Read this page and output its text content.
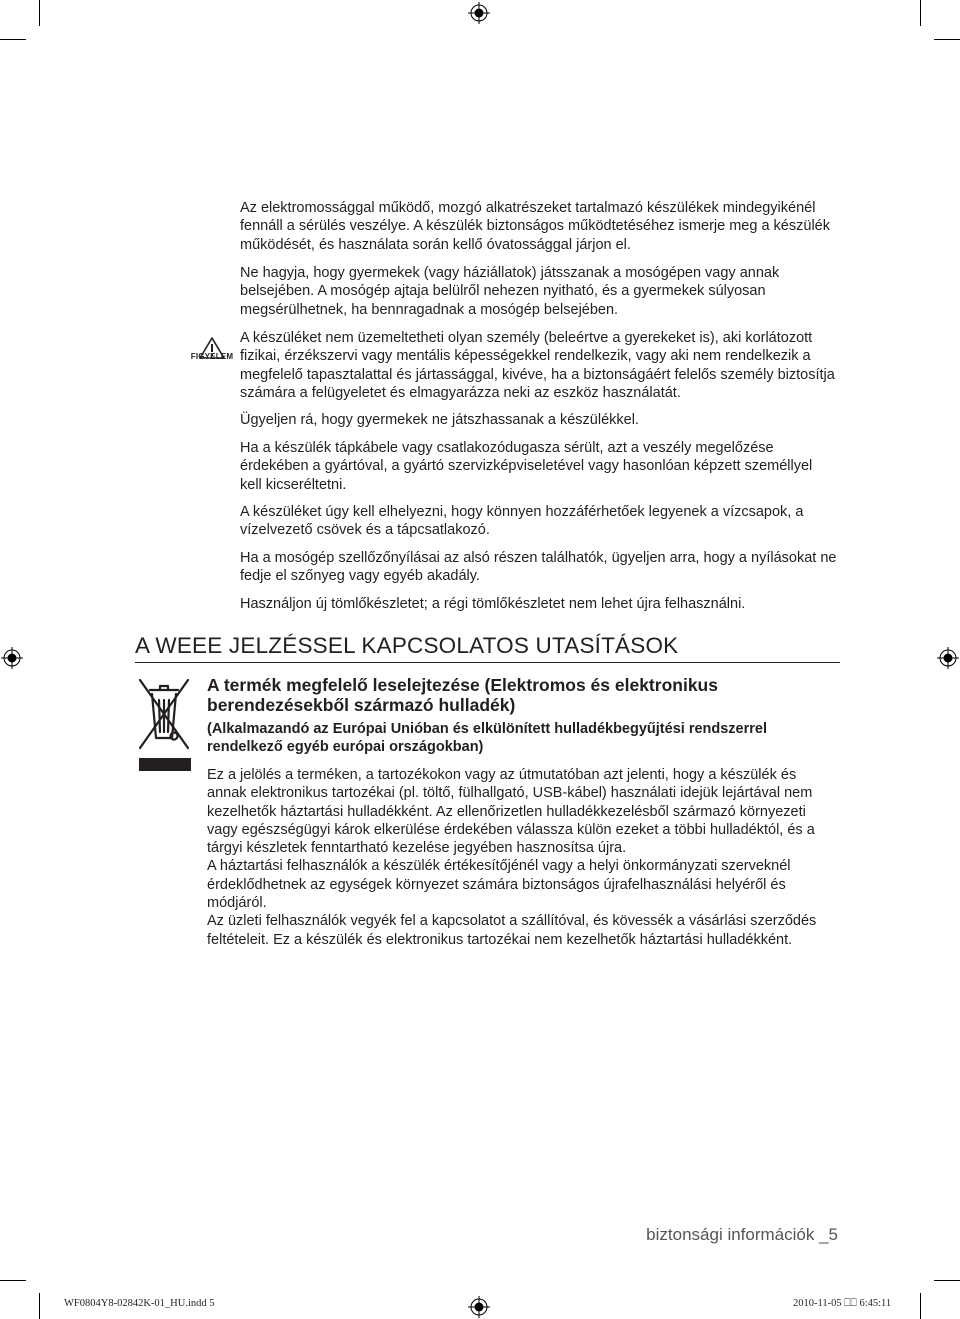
Az elektromossággal működő, mozgó alkatrészeket tartalmazó készülékek mindegyikénél
fennáll a sérülés veszélye. A készülék biztonságos működtetéséhez ismerje meg a készülék
működését, és használata során kellő óvatossággal járjon el.

Ne hagyja, hogy gyermekek (vagy háziállatok) játsszanak a mosógépen vagy annak
belsejében. A mosógép ajtaja belülről nehezen nyitható, és a gyermekek súlyosan
megsérülhetnek, ha bennragadnak a mosógép belsejében.

FIGYELEM

A készüléket nem üzemeltetheti olyan személy (beleértve a gyerekeket is), aki korlátozott
fizikai, érzékszervi vagy mentális képességekkel rendelkezik, vagy aki nem rendelkezik a
megfelelő tapasztalattal és jártassággal, kivéve, ha a biztonságáért felelős személy biztosítja
számára a felügyeletet és elmagyarázza neki az eszköz használatát.

Ügyeljen rá, hogy gyermekek ne játszhassanak a készülékkel.

Ha a készülék tápkábele vagy csatlakozódugasza sérült, azt a veszély megelőzése
érdekében a gyártóval, a gyártó szervizképviseletével vagy hasonlóan képzett személlyel
kell kicseréltetni.

A készüléket úgy kell elhelyezni, hogy könnyen hozzáférhetőek legyenek a vízcsapok, a
vízelvezető csövek és a tápcsatlakozó.

Ha a mosógép szellőzőnyílásai az alsó részen találhatók, ügyeljen arra, hogy a nyílásokat ne
fedje el szőnyeg vagy egyéb akadály.

Használjon új tömlőkészletet; a régi tömlőkészletet nem lehet újra felhasználni.

A WEEE JELZÉSSEL KAPCSOLATOS UTASÍTÁSOK
A termék megfelelő leselejtezése (Elektromos és elektronikus
berendezésekből származó hulladék)
(Alkalmazandó az Európai Unióban és elkülönített hulladékbegyűjtési rendszerrel
rendelkező egyéb európai országokban)

Ez a jelölés a terméken, a tartozékokon vagy az útmutatóban azt jelenti, hogy a készülék és
annak elektronikus tartozékai (pl. töltő, fülhallgató, USB-kábel) használati idejük lejártával nem
kezelhetők háztartási hulladékként. Az ellenőrizetlen hulladékkezelésből származó környezeti
vagy egészségügyi károk elkerülése érdekében válassza külön ezeket a többi hulladéktól, és a
tárgyi készletek fenntartható kezelése jegyében hasznosítsa újra.
A háztartási felhasználók a készülék értékesítőjénél vagy a helyi önkormányzati szerveknél
érdeklődhetnek az egységek környezet számára biztonságos újrafelhasználási helyéről és
módjáról.
Az üzleti felhasználók vegyék fel a kapcsolatot a szállítóval, és kövessék a vásárlási szerződés
feltételeit. Ez a készülék és elektronikus tartozékai nem kezelhetők háztartási hulladékként.

biztonsági információk _5
WF0804Y8-02842K-01_HU.indd 5	2010-11-05 ⎕⎕ 6:45:11
